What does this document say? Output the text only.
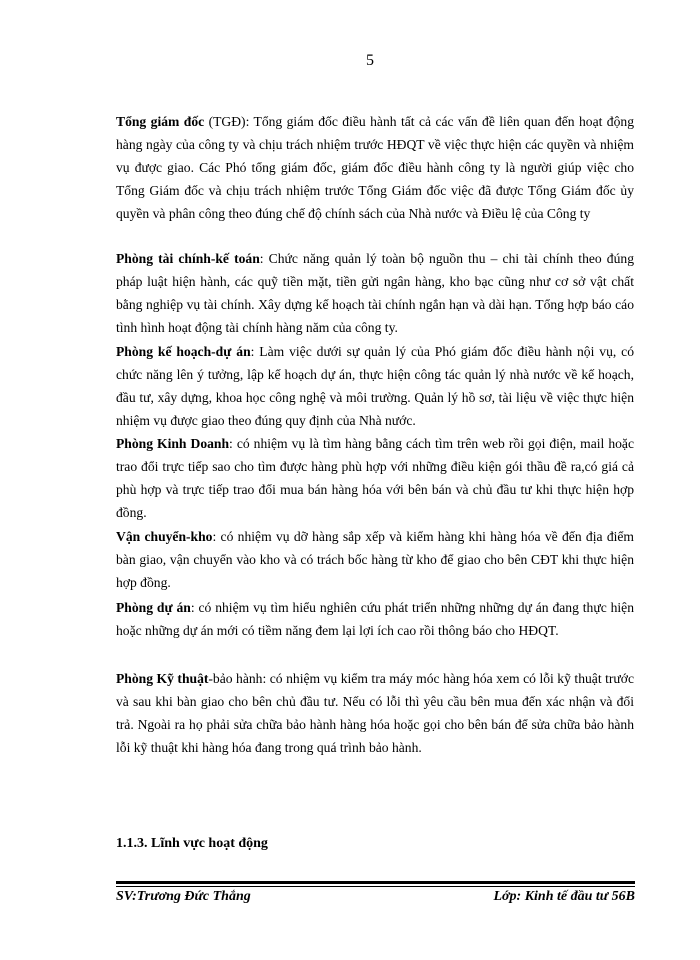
5

Tổng giám đốc (TGĐ): Tổng giám đốc điều hành tất cả các vấn đề liên quan đến hoạt động hàng ngày của công ty và chịu trách nhiệm trước HĐQT về việc thực hiện các quyền và nhiệm vụ được giao. Các Phó tổng giám đốc, giám đốc điều hành công ty là người giúp việc cho Tổng Giám đốc và chịu trách nhiệm trước Tổng Giám đốc việc đã được Tổng Giám đốc ủy quyền và phân công theo đúng chế độ chính sách của Nhà nước và Điều lệ của Công ty

Phòng tài chính-kế toán: Chức năng quản lý toàn bộ nguồn thu – chi tài chính theo đúng pháp luật hiện hành, các quỹ tiền mặt, tiền gửi ngân hàng, kho bạc cũng như cơ sở vật chất bằng nghiệp vụ tài chính. Xây dựng kế hoạch tài chính ngắn hạn và dài hạn. Tổng hợp báo cáo tình hình hoạt động tài chính hàng năm của công ty.

Phòng kế hoạch-dự án: Làm việc dưới sự quản lý của Phó giám đốc điều hành nội vụ, có chức năng lên ý tưởng, lập kế hoạch dự án, thực hiện công tác quản lý nhà nước về kế hoạch, đầu tư, xây dựng, khoa học công nghệ và môi trường. Quản lý hồ sơ, tài liệu về việc thực hiện nhiệm vụ được giao theo đúng quy định của Nhà nước.

Phòng Kinh Doanh: có nhiệm vụ là tìm hàng bằng cách tìm trên web rồi gọi điện, mail hoặc trao đổi trực tiếp sao cho tìm được hàng phù hợp với những điều kiện gói thầu đề ra,có giá cả phù hợp và trực tiếp trao đổi mua bán hàng hóa với bên bán và chủ đầu tư khi thực hiện hợp đồng.

Vận chuyển-kho: có nhiệm vụ dỡ hàng sắp xếp và kiểm hàng khi hàng hóa về đến địa điểm bàn giao, vận chuyển vào kho và có trách bốc hàng từ kho để giao cho bên CĐT khi thực hiện hợp đồng.

Phòng dự án: có nhiệm vụ tìm hiểu nghiên cứu phát triển những những dự án đang thực hiện hoặc những dự án mới có tiềm năng đem lại lợi ích cao rồi thông báo cho HĐQT.

Phòng Kỹ thuật-bảo hành: có nhiệm vụ kiểm tra máy móc hàng hóa xem có lỗi kỹ thuật trước và sau khi bàn giao cho bên chủ đầu tư. Nếu có lỗi thì yêu cầu bên mua đến xác nhận và đổi trả. Ngoài ra họ phải sửa chữa bảo hành hàng hóa hoặc gọi cho bên bán để sửa chữa bảo hành lỗi kỹ thuật khi hàng hóa đang trong quá trình bảo hành.

1.1.3. Lĩnh vực hoạt động
SV:Trương Đức Thắng	Lớp: Kinh tế đầu tư 56B
